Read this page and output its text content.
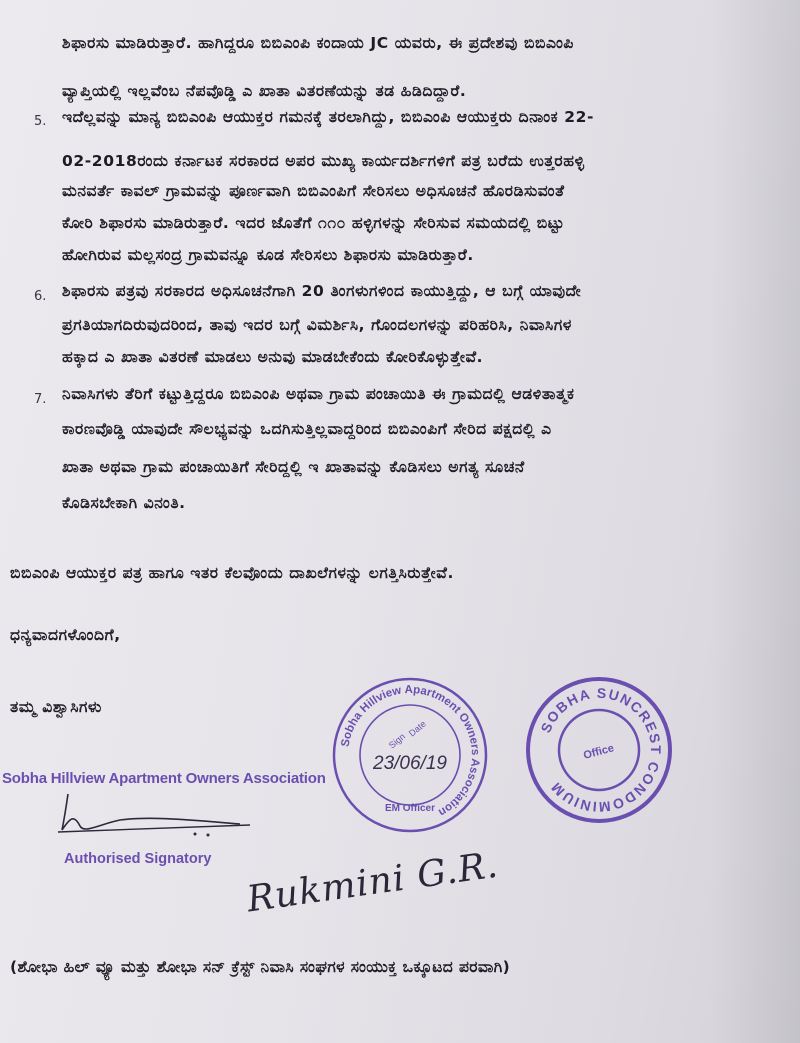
ಶಿಫಾರಸು ಮಾಡಿರುತ್ತಾರೆ. ಹಾಗಿದ್ದರೂ ಬಿಬಿಎಂಪಿ ಕಂದಾಯ JC ಯವರು, ಈ ಪ್ರದೇಶವು ಬಿಬಿಎಂಪಿ
ವ್ಯಾಪ್ತಿಯಲ್ಲಿ ಇಲ್ಲವೆಂಬ ನೆಪವೊಡ್ಡಿ ಎ ಖಾತಾ ವಿತರಣೆಯನ್ನು ತಡ ಹಿಡಿದಿದ್ದಾರೆ.
5. ಇದೆಲ್ಲವನ್ನು ಮಾನ್ಯ ಬಿಬಿಎಂಪಿ ಆಯುಕ್ತರ ಗಮನಕ್ಕೆ ತರಲಾಗಿದ್ದು, ಬಿಬಿಎಂಪಿ ಆಯುಕ್ತರು ದಿನಾಂಕ 22-
02-2018ರಂದು ಕರ್ನಾಟಕ ಸರಕಾರದ ಅಪರ ಮುಖ್ಯ ಕಾರ್ಯದರ್ಶಿಗಳಿಗೆ ಪತ್ರ ಬರೆದು ಉತ್ತರಹಳ್ಳಿ
ಮನವರ್ತೆ ಕಾವಲ್ ಗ್ರಾಮವನ್ನು ಪೂರ್ಣವಾಗಿ ಬಿಬಿಎಂಪಿಗೆ ಸೇರಿಸಲು ಅಧಿಸೂಚನೆ ಹೊರಡಿಸುವಂತೆ
ಕೋರಿ ಶಿಫಾರಸು ಮಾಡಿರುತ್ತಾರೆ. ಇದರ ಜೊತೆಗೆ ೧೧೦ ಹಳ್ಳಿಗಳನ್ನು ಸೇರಿಸುವ ಸಮಯದಲ್ಲಿ ಬಿಟ್ಟು
ಹೋಗಿರುವ ಮಲ್ಲಸಂದ್ರ ಗ್ರಾಮವನ್ನೂ ಕೂಡ ಸೇರಿಸಲು ಶಿಫಾರಸು ಮಾಡಿರುತ್ತಾರೆ.
6. ಶಿಫಾರಸು ಪತ್ರವು ಸರಕಾರದ ಅಧಿಸೂಚನೆಗಾಗಿ 20 ತಿಂಗಳುಗಳಿಂದ ಕಾಯುತ್ತಿದ್ದು, ಆ ಬಗ್ಗೆ ಯಾವುದೇ
ಪ್ರಗತಿಯಾಗದಿರುವುದರಿಂದ, ತಾವು ಇದರ ಬಗ್ಗೆ ವಿಮರ್ಶಿಸಿ, ಗೊಂದಲಗಳನ್ನು ಪರಿಹರಿಸಿ, ನಿವಾಸಿಗಳ
ಹಕ್ಕಾದ ಎ ಖಾತಾ ವಿತರಣೆ ಮಾಡಲು ಅನುವು ಮಾಡಬೇಕೆಂದು ಕೋರಿಕೊಳ್ಳುತ್ತೇವೆ.
7. ನಿವಾಸಿಗಳು ತೆರಿಗೆ ಕಟ್ಟುತ್ತಿದ್ದರೂ ಬಿಬಿಎಂಪಿ ಅಥವಾ ಗ್ರಾಮ ಪಂಚಾಯಿತಿ ಈ ಗ್ರಾಮದಲ್ಲಿ ಆಡಳಿತಾತ್ಮಕ
ಕಾರಣವೊಡ್ಡಿ ಯಾವುದೇ ಸೌಲಭ್ಯವನ್ನು ಒದಗಿಸುತ್ತಿಲ್ಲವಾದ್ದರಿಂದ ಬಿಬಿಎಂಪಿಗೆ ಸೇರಿದ ಪಕ್ಷದಲ್ಲಿ ಎ
ಖಾತಾ ಅಥವಾ ಗ್ರಾಮ ಪಂಚಾಯಿತಿಗೆ ಸೇರಿದ್ದಲ್ಲಿ ಇ ಖಾತಾವನ್ನು ಕೊಡಿಸಲು ಅಗತ್ಯ ಸೂಚನೆ
ಕೊಡಿಸಬೇಕಾಗಿ ವಿನಂತಿ.
ಬಿಬಿಎಂಪಿ ಆಯುಕ್ತರ ಪತ್ರ ಹಾಗೂ ಇತರ ಕೆಲವೊಂದು ದಾಖಲೆಗಳನ್ನು ಲಗತ್ತಿಸಿರುತ್ತೇವೆ.
ಧನ್ಯವಾದಗಳೊಂದಿಗೆ,
ತಮ್ಮ ವಿಶ್ವಾಸಿಗಳು
Sobha Hillview Apartment Owners Association
Authorised Signatory Rukmini G.R.
Sobha Hillview Apartment Owners Association
EM Officer
Date
Sign
23/06/19
SOBHA SUNCREST CONDOMINIUM
Office
(ಶೋಭಾ ಹಿಲ್ ವ್ಯೂ ಮತ್ತು ಶೋಭಾ ಸನ್ ಕ್ರೆಸ್ಟ್ ನಿವಾಸಿ ಸಂಘಗಳ ಸಂಯುಕ್ತ ಒಕ್ಕೂಟದ ಪರವಾಗಿ)
